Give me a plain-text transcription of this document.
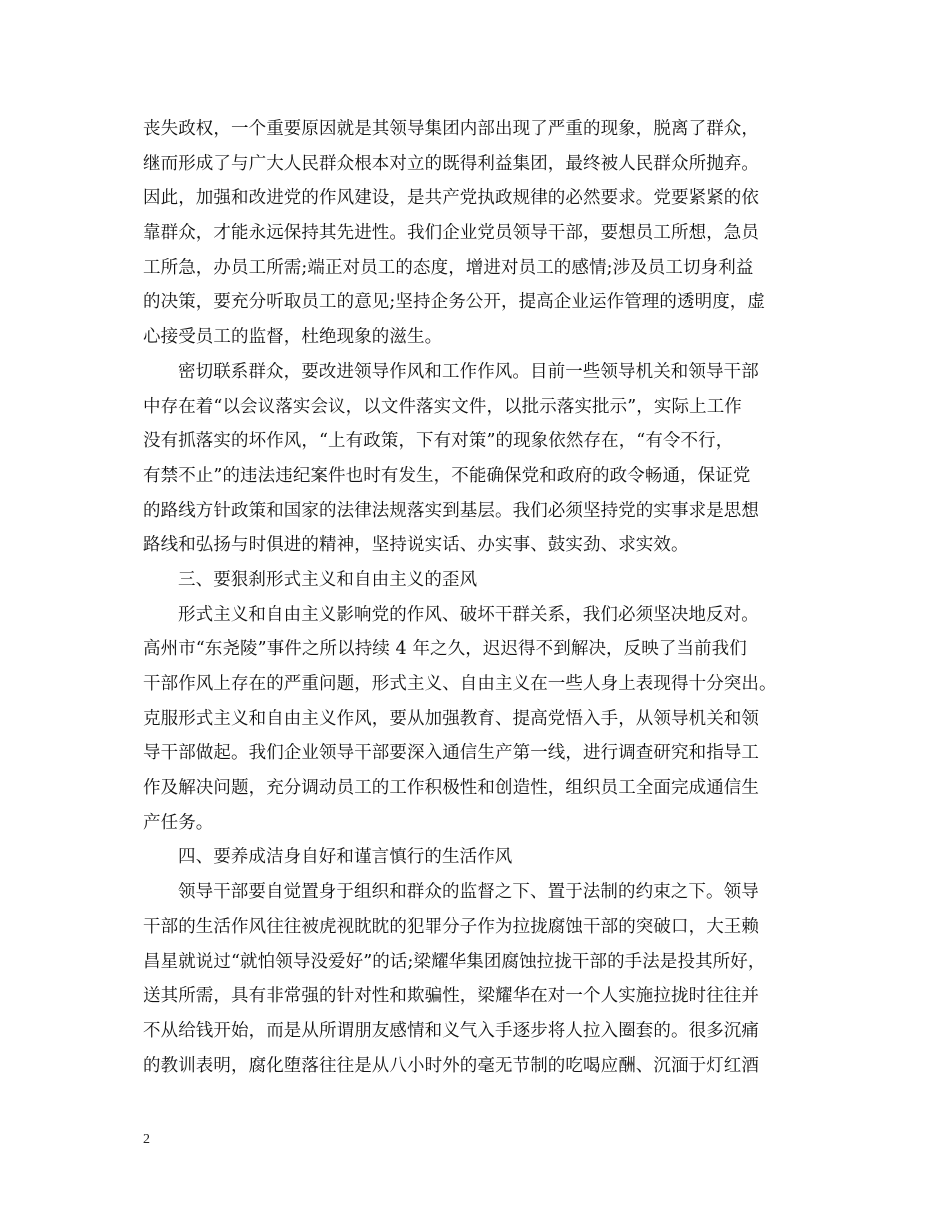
丧失政权，一个重要原因就是其领导集团内部出现了严重的现象，脱离了群众，
继而形成了与广大人民群众根本对立的既得利益集团，最终被人民群众所抛弃。
因此，加强和改进党的作风建设，是共产党执政规律的必然要求。党要紧紧的依
靠群众，才能永远保持其先进性。我们企业党员领导干部，要想员工所想，急员
工所急，办员工所需;端正对员工的态度，增进对员工的感情;涉及员工切身利益
的决策，要充分听取员工的意见;坚持企务公开，提高企业运作管理的透明度，虚
心接受员工的监督，杜绝现象的滋生。
密切联系群众，要改进领导作风和工作作风。目前一些领导机关和领导干部
中存在着“以会议落实会议，以文件落实文件，以批示落实批示”，实际上工作
没有抓落实的坏作风，“上有政策，下有对策”的现象依然存在，“有令不行，
有禁不止”的违法违纪案件也时有发生，不能确保党和政府的政令畅通，保证党
的路线方针政策和国家的法律法规落实到基层。我们必须坚持党的实事求是思想
路线和弘扬与时俱进的精神，坚持说实话、办实事、鼓实劲、求实效。
三、要狠刹形式主义和自由主义的歪风
形式主义和自由主义影响党的作风、破坏干群关系，我们必须坚决地反对。
高州市“东尧陵”事件之所以持续 4 年之久，迟迟得不到解决，反映了当前我们
干部作风上存在的严重问题，形式主义、自由主义在一些人身上表现得十分突出。
克服形式主义和自由主义作风，要从加强教育、提高党悟入手，从领导机关和领
导干部做起。我们企业领导干部要深入通信生产第一线，进行调查研究和指导工
作及解决问题，充分调动员工的工作积极性和创造性，组织员工全面完成通信生
产任务。
四、要养成洁身自好和谨言慎行的生活作风
领导干部要自觉置身于组织和群众的监督之下、置于法制的约束之下。领导
干部的生活作风往往被虎视眈眈的犯罪分子作为拉拢腐蚀干部的突破口，大王赖
昌星就说过“就怕领导没爱好”的话;梁耀华集团腐蚀拉拢干部的手法是投其所好，
送其所需，具有非常强的针对性和欺骗性，梁耀华在对一个人实施拉拢时往往并
不从给钱开始，而是从所谓朋友感情和义气入手逐步将人拉入圈套的。很多沉痛
的教训表明，腐化堕落往往是从八小时外的毫无节制的吃喝应酬、沉湎于灯红酒
2
